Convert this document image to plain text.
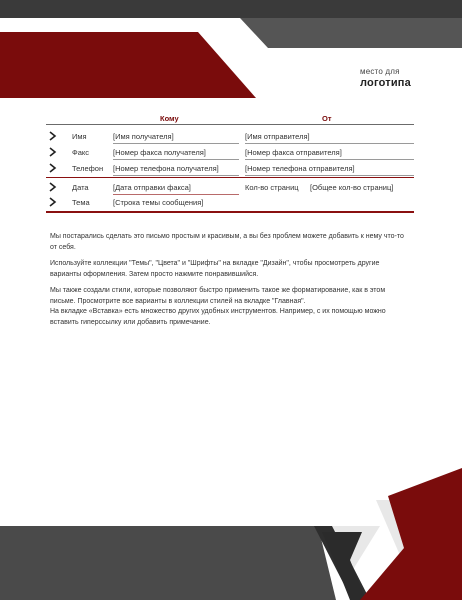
место для
логотипа
Кому	От
Имя	[Имя получателя]	[Имя отправителя]
Факс	[Номер факса получателя]	[Номер факса отправителя]
Телефон [Номер телефона получателя]	[Номер телефона отправителя]
Дата	[Дата отправки факса]	Кол-во страниц [Общее кол-во страниц]
Тема	[Строка темы сообщения]

Мы постарались сделать это письмо простым и красивым, а вы без проблем можете добавить к нему что-то от себя.

Используйте коллекции "Темы", "Цвета" и "Шрифты" на вкладке "Дизайн", чтобы просмотреть другие варианты оформления. Затем просто нажмите понравившийся.

Мы также создали стили, которые позволяют быстро применить такое же форматирование, как в этом письме. Просмотрите все варианты в коллекции стилей на вкладке "Главная".

На вкладке «Вставка» есть множество других удобных инструментов. Например, с их помощью можно вставить гиперссылку или добавить примечание.
